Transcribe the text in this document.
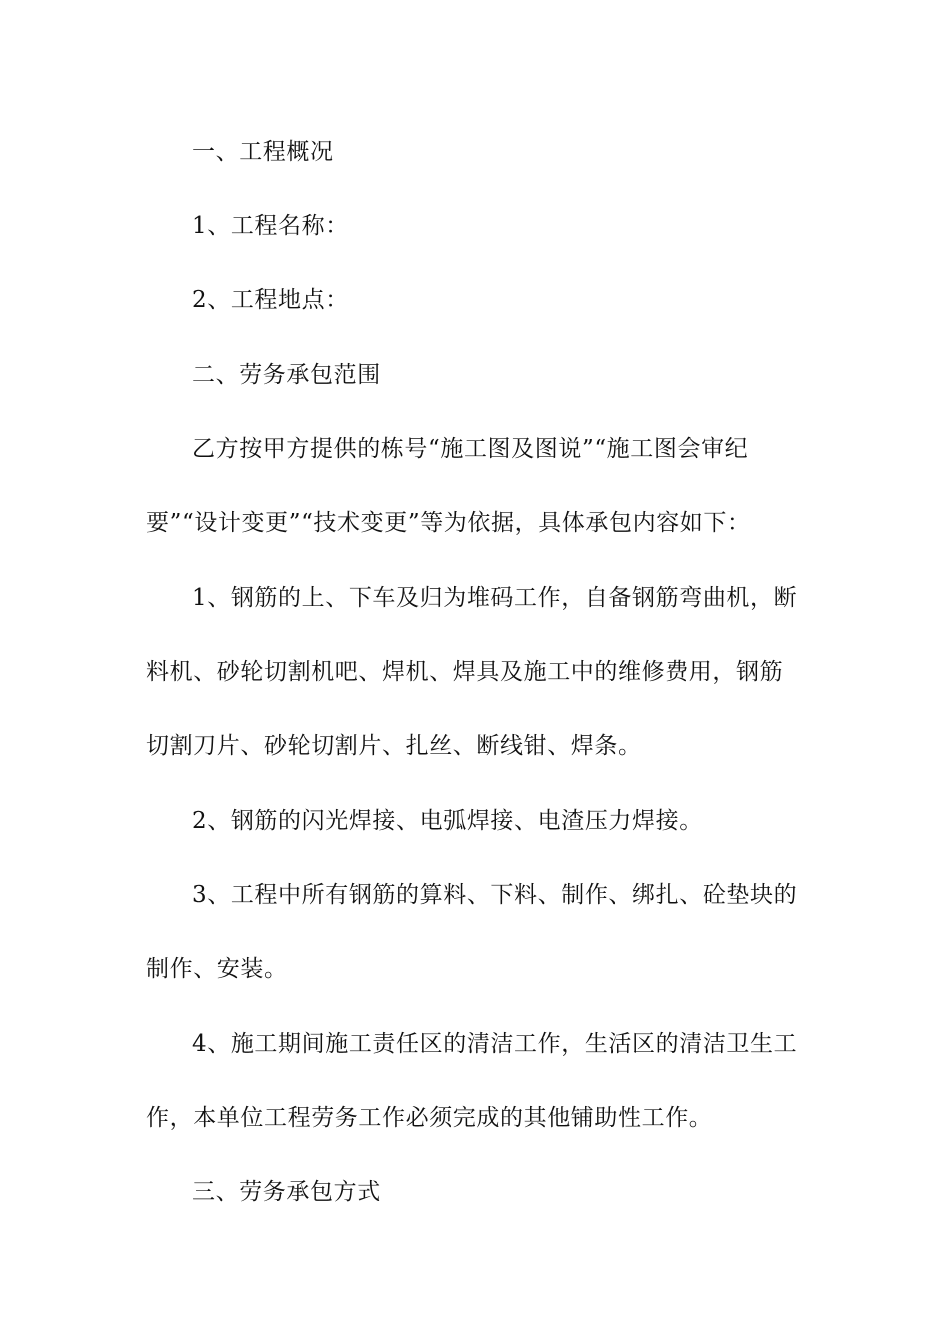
一、工程概况
1、工程名称：
2、工程地点：
二、劳务承包范围
乙方按甲方提供的栋号“施工图及图说”“施工图会审纪
要”“设计变更”“技术变更”等为依据，具体承包内容如下：
1、钢筋的上、下车及归为堆码工作，自备钢筋弯曲机，断
料机、砂轮切割机吧、焊机、焊具及施工中的维修费用，钢筋
切割刀片、砂轮切割片、扎丝、断线钳、焊条。
2、钢筋的闪光焊接、电弧焊接、电渣压力焊接。
3、工程中所有钢筋的算料、下料、制作、绑扎、砼垫块的
制作、安装。
4、施工期间施工责任区的清洁工作，生活区的清洁卫生工
作，本单位工程劳务工作必须完成的其他铺助性工作。
三、劳务承包方式
